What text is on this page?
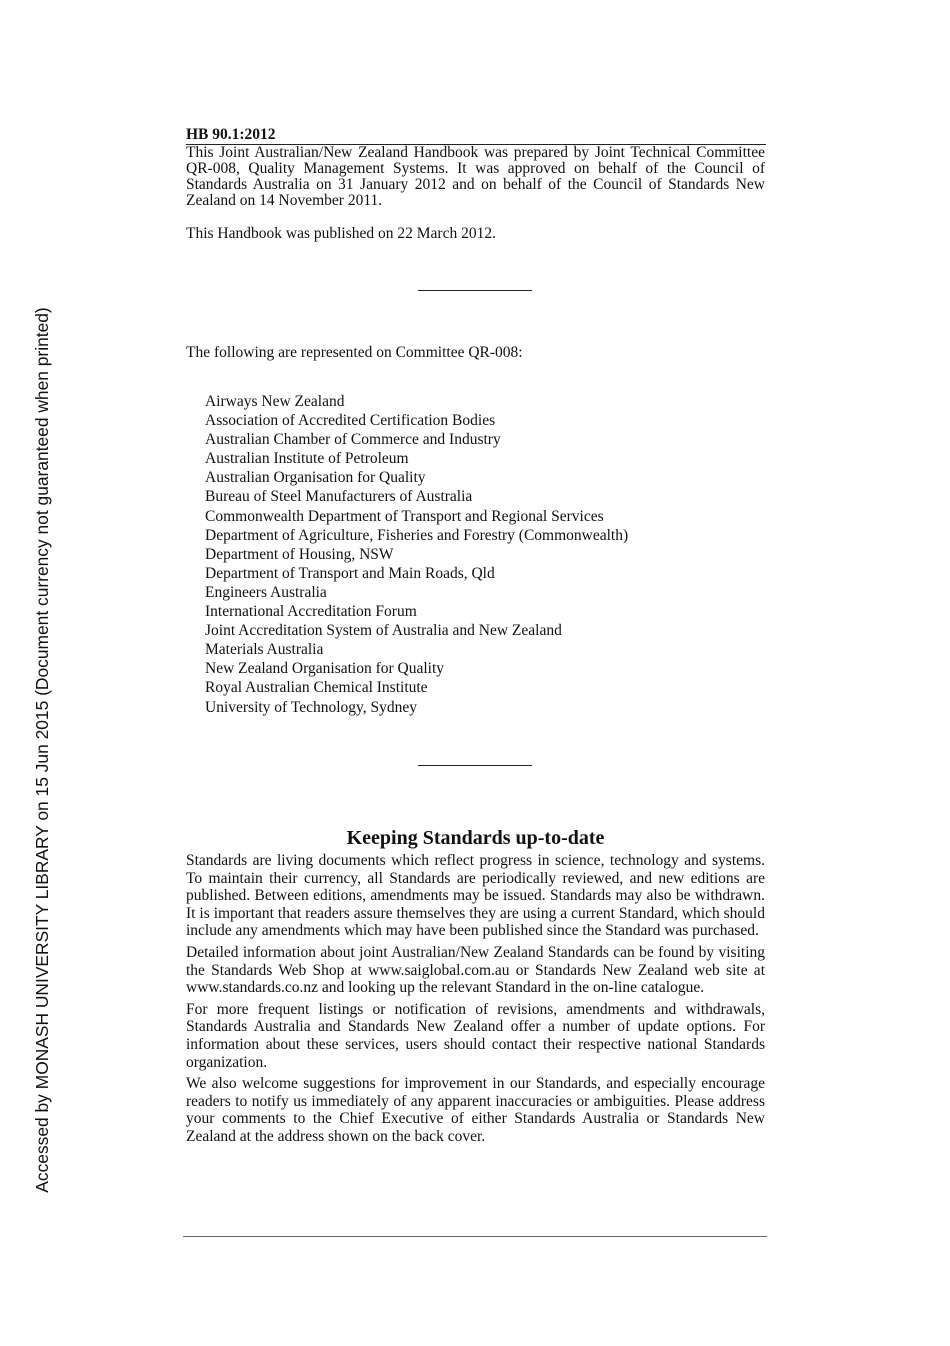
Accessed by MONASH UNIVERSITY LIBRARY on 15 Jun 2015 (Document currency not guaranteed when printed)
HB 90.1:2012
This Joint Australian/New Zealand Handbook was prepared by Joint Technical Committee QR-008, Quality Management Systems. It was approved on behalf of the Council of Standards Australia on 31 January 2012 and on behalf of the Council of Standards New Zealand on 14 November 2011.
This Handbook was published on 22 March 2012.
The following are represented on Committee QR-008:
Airways New Zealand
Association of Accredited Certification Bodies
Australian Chamber of Commerce and Industry
Australian Institute of Petroleum
Australian Organisation for Quality
Bureau of Steel Manufacturers of Australia
Commonwealth Department of Transport and Regional Services
Department of Agriculture, Fisheries and Forestry (Commonwealth)
Department of Housing, NSW
Department of Transport and Main Roads, Qld
Engineers Australia
International Accreditation Forum
Joint Accreditation System of Australia and New Zealand
Materials Australia
New Zealand Organisation for Quality
Royal Australian Chemical Institute
University of Technology, Sydney
Keeping Standards up-to-date

Standards are living documents which reflect progress in science, technology and systems. To maintain their currency, all Standards are periodically reviewed, and new editions are published. Between editions, amendments may be issued. Standards may also be withdrawn. It is important that readers assure themselves they are using a current Standard, which should include any amendments which may have been published since the Standard was purchased.

Detailed information about joint Australian/New Zealand Standards can be found by visiting the Standards Web Shop at www.saiglobal.com.au or Standards New Zealand web site at www.standards.co.nz and looking up the relevant Standard in the on-line catalogue.

For more frequent listings or notification of revisions, amendments and withdrawals, Standards Australia and Standards New Zealand offer a number of update options. For information about these services, users should contact their respective national Standards organization.

We also welcome suggestions for improvement in our Standards, and especially encourage readers to notify us immediately of any apparent inaccuracies or ambiguities. Please address your comments to the Chief Executive of either Standards Australia or Standards New Zealand at the address shown on the back cover.
